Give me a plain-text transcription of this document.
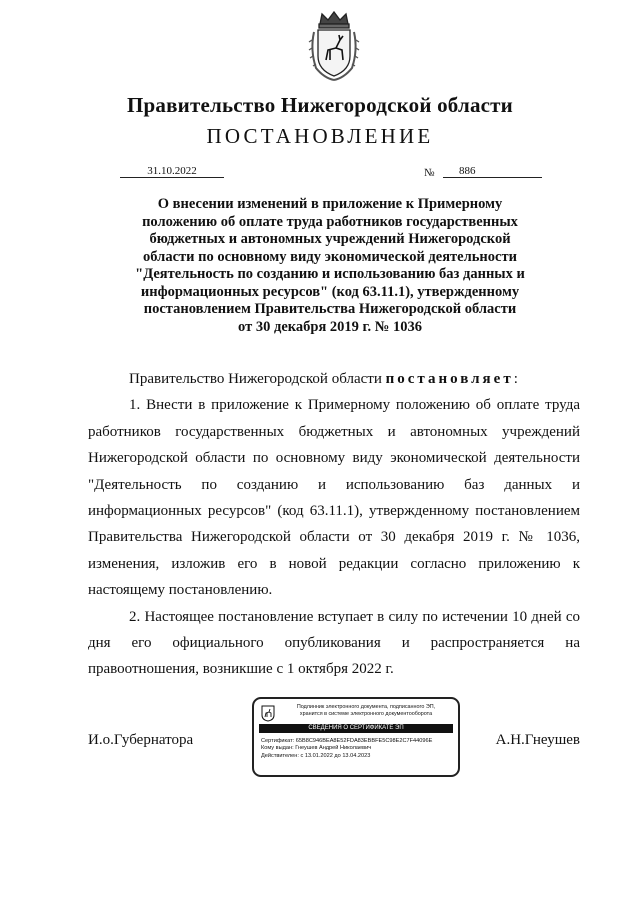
Правительство Нижегородской области
ПОСТАНОВЛЕНИЕ
31.10.2022	№	886
О внесении изменений в приложение к Примерному
положению об оплате труда работников государственных
бюджетных и автономных учреждений Нижегородской
области по основному виду экономической деятельности
"Деятельность по созданию и использованию баз данных и
информационных ресурсов" (код 63.11.1), утвержденному
постановлением Правительства Нижегородской области
от 30 декабря 2019 г. № 1036

Правительство Нижегородской области постановляет:

1. Внести в приложение к Примерному положению об оплате труда работников государственных бюджетных и автономных учреждений Нижегородской области по основному виду экономической деятельности "Деятельность по созданию и использованию баз данных и информационных ресурсов" (код 63.11.1), утвержденному постановлением Правительства Нижегородской области от 30 декабря 2019 г. № 1036, изменения, изложив его в новой редакции согласно приложению к настоящему постановлению.

2. Настоящее постановление вступает в силу по истечении 10 дней со дня его официального опубликования и распространяется на правоотношения, возникшие с 1 октября 2022 г.

И.о.Губернатора	А.Н.Гнеушев
Подлинник электронного документа, подписанного ЭП,
хранится в системе электронного документооборота
СВЕДЕНИЯ О СЕРТИФИКАТЕ ЭП
Сертификат: 65B8C946BEA8E52FDA83EBBFE5C98E2C7F44096E
Кому выдан: Гнеушев Андрей Николаевич
Действителен: с 13.01.2022 до 13.04.2023
